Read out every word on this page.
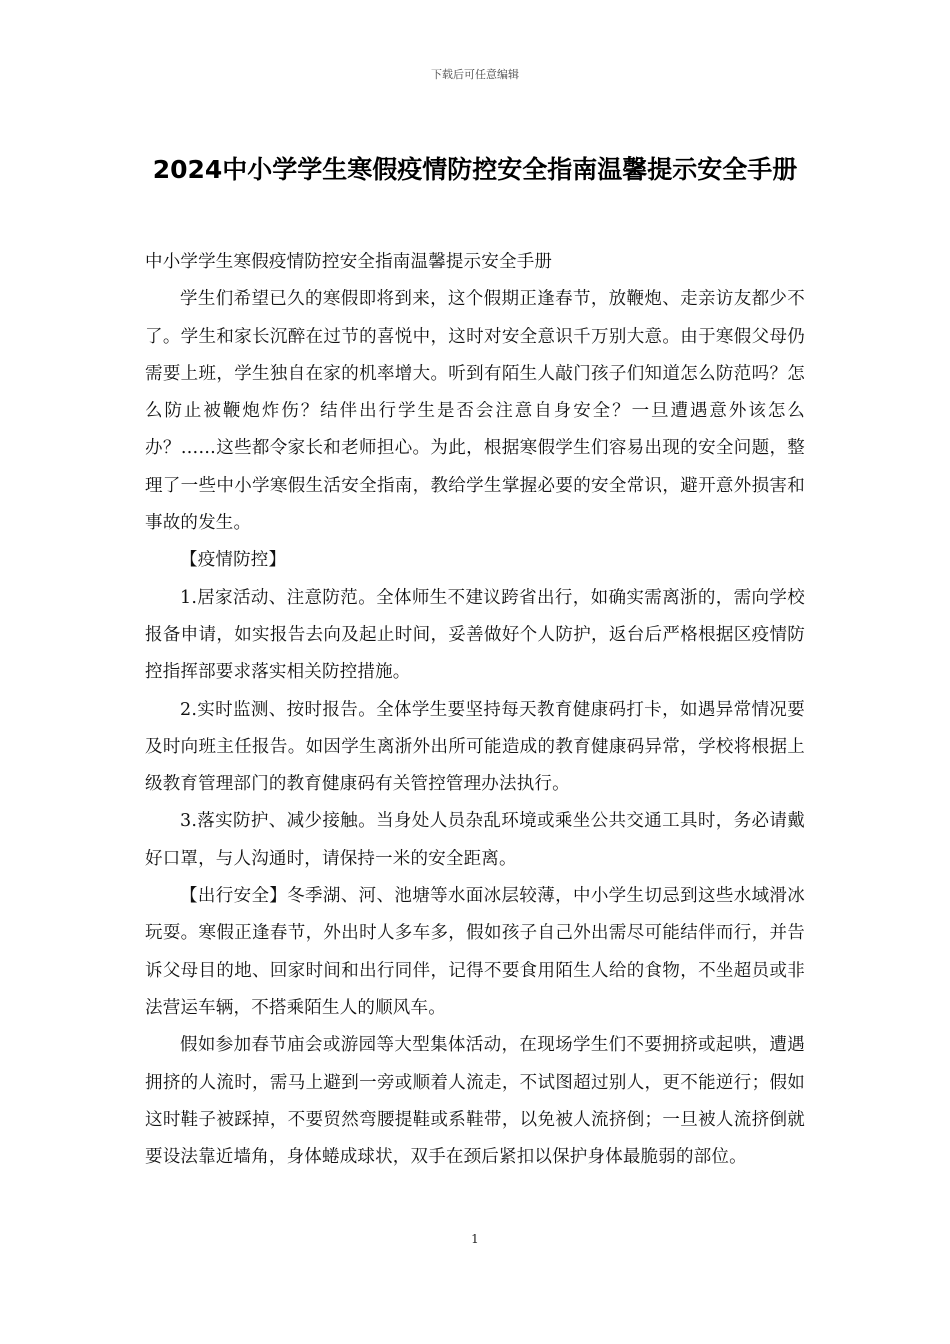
下载后可任意编辑
2024中小学学生寒假疫情防控安全指南温馨提示安全手册

中小学学生寒假疫情防控安全指南温馨提示安全手册

学生们希望已久的寒假即将到来，这个假期正逢春节，放鞭炮、走亲访友都少不了。学生和家长沉醉在过节的喜悦中，这时对安全意识千万别大意。由于寒假父母仍需要上班，学生独自在家的机率增大。听到有陌生人敲门孩子们知道怎么防范吗？怎么防止被鞭炮炸伤？结伴出行学生是否会注意自身安全？一旦遭遇意外该怎么办？……这些都令家长和老师担心。为此，根据寒假学生们容易出现的安全问题，整理了一些中小学寒假生活安全指南，教给学生掌握必要的安全常识，避开意外损害和事故的发生。

【疫情防控】

1.居家活动、注意防范。全体师生不建议跨省出行，如确实需离浙的，需向学校报备申请，如实报告去向及起止时间，妥善做好个人防护，返台后严格根据区疫情防控指挥部要求落实相关防控措施。

2.实时监测、按时报告。全体学生要坚持每天教育健康码打卡，如遇异常情况要及时向班主任报告。如因学生离浙外出所可能造成的教育健康码异常，学校将根据上级教育管理部门的教育健康码有关管控管理办法执行。

3.落实防护、减少接触。当身处人员杂乱环境或乘坐公共交通工具时，务必请戴好口罩，与人沟通时，请保持一米的安全距离。

【出行安全】冬季湖、河、池塘等水面冰层较薄，中小学生切忌到这些水域滑冰玩耍。寒假正逢春节，外出时人多车多，假如孩子自己外出需尽可能结伴而行，并告诉父母目的地、回家时间和出行同伴，记得不要食用陌生人给的食物，不坐超员或非法营运车辆，不搭乘陌生人的顺风车。

假如参加春节庙会或游园等大型集体活动，在现场学生们不要拥挤或起哄，遭遇拥挤的人流时，需马上避到一旁或顺着人流走，不试图超过别人，更不能逆行；假如这时鞋子被踩掉，不要贸然弯腰提鞋或系鞋带，以免被人流挤倒；一旦被人流挤倒就要设法靠近墙角，身体蜷成球状，双手在颈后紧扣以保护身体最脆弱的部位。

1
